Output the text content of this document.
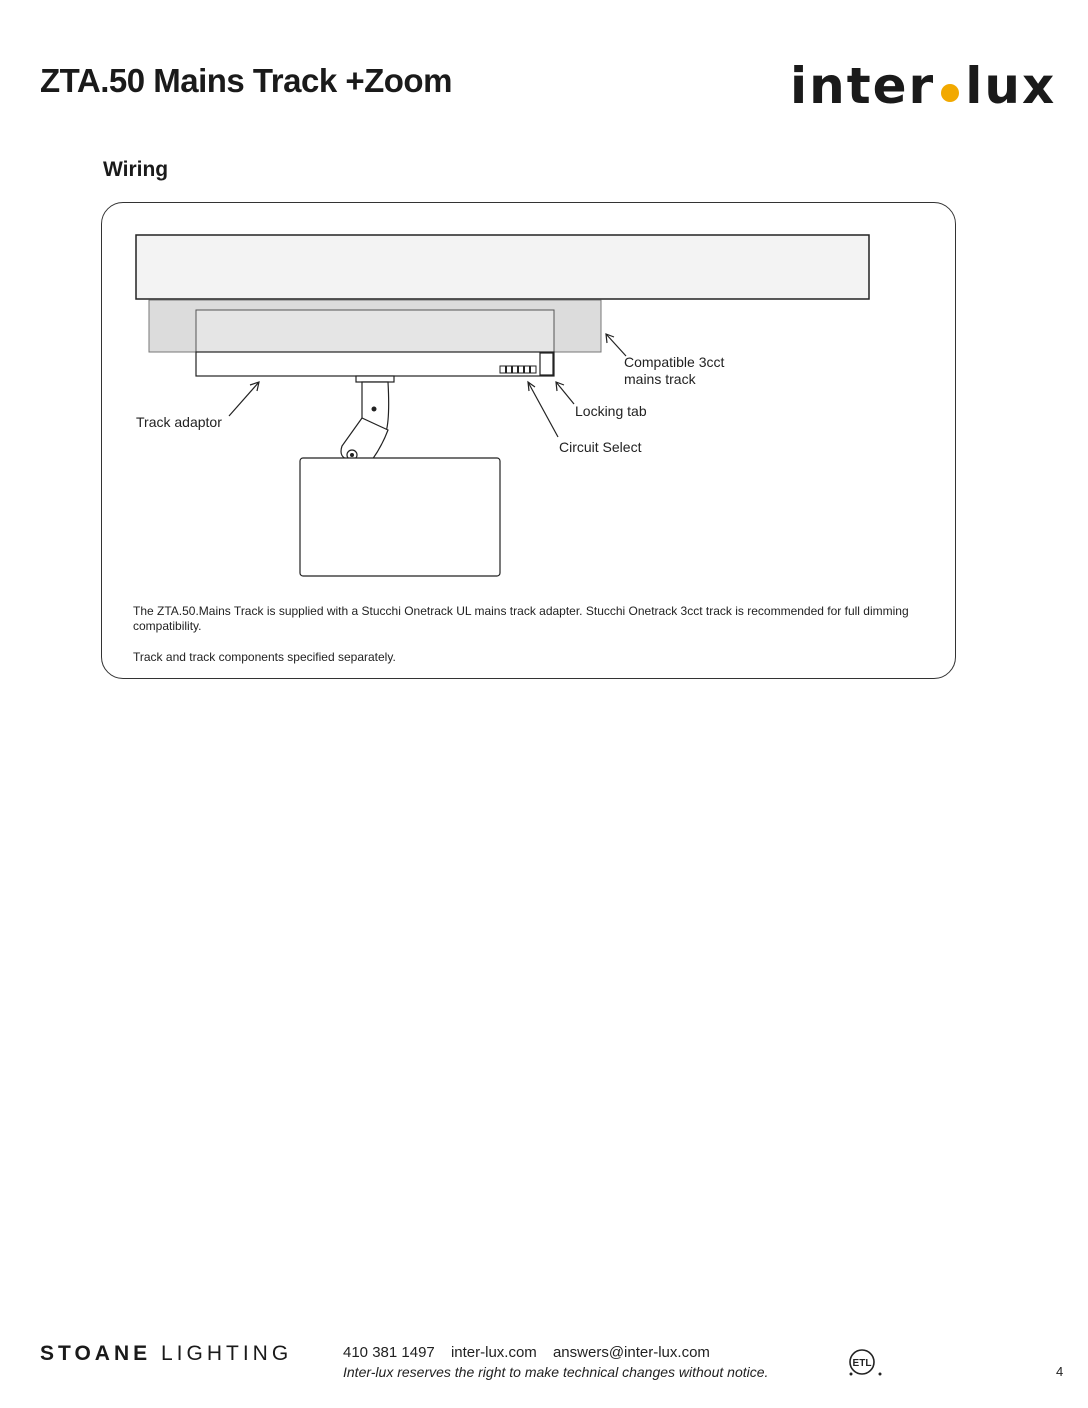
ZTA.50 Mains Track +Zoom	inter lux
Wiring
Compatible 3cct
mains track
Locking tab
Circuit Select
Track adaptor

The ZTA.50.Mains Track is supplied with a Stucchi Onetrack UL mains track adapter. Stucchi Onetrack 3cct track is recommended for full dimming compatibility.

Track and track components specified separately.

STOANE LIGHTING	410 381 1497 inter-lux.com answers@inter-lux.com
Inter-lux reserves the right to make technical changes without notice.
ETL
4
